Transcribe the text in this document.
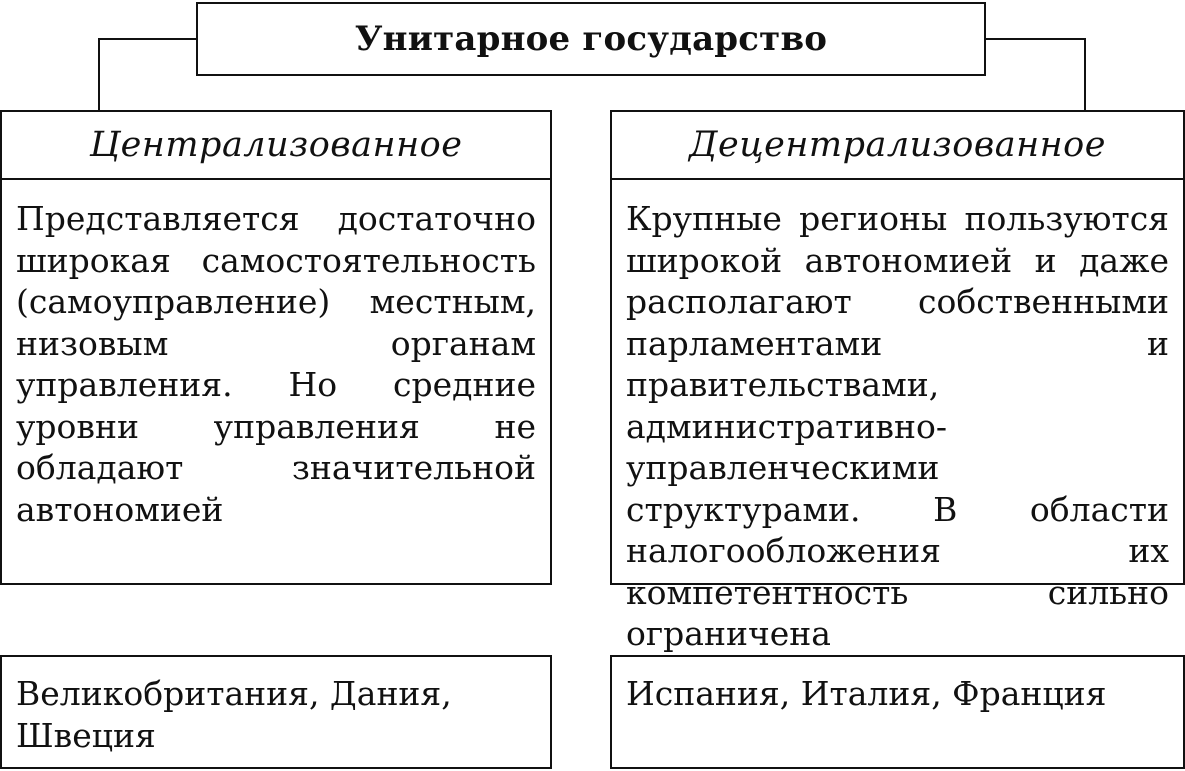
Унитарное государство
Централизованное	Децентрализованное

Представляется достаточно широкая самостоятельность (самоуправление) местным, низовым органам управления. Но средние уровни управления не обладают значительной автономией

Крупные регионы пользуются широкой автономией и даже располагают собственными парламентами и правительствами, административно-управленческими структурами. В области налогообложения их компетентность сильно ограничена

Великобритания, Дания, Швеция

Испания, Италия, Франция
